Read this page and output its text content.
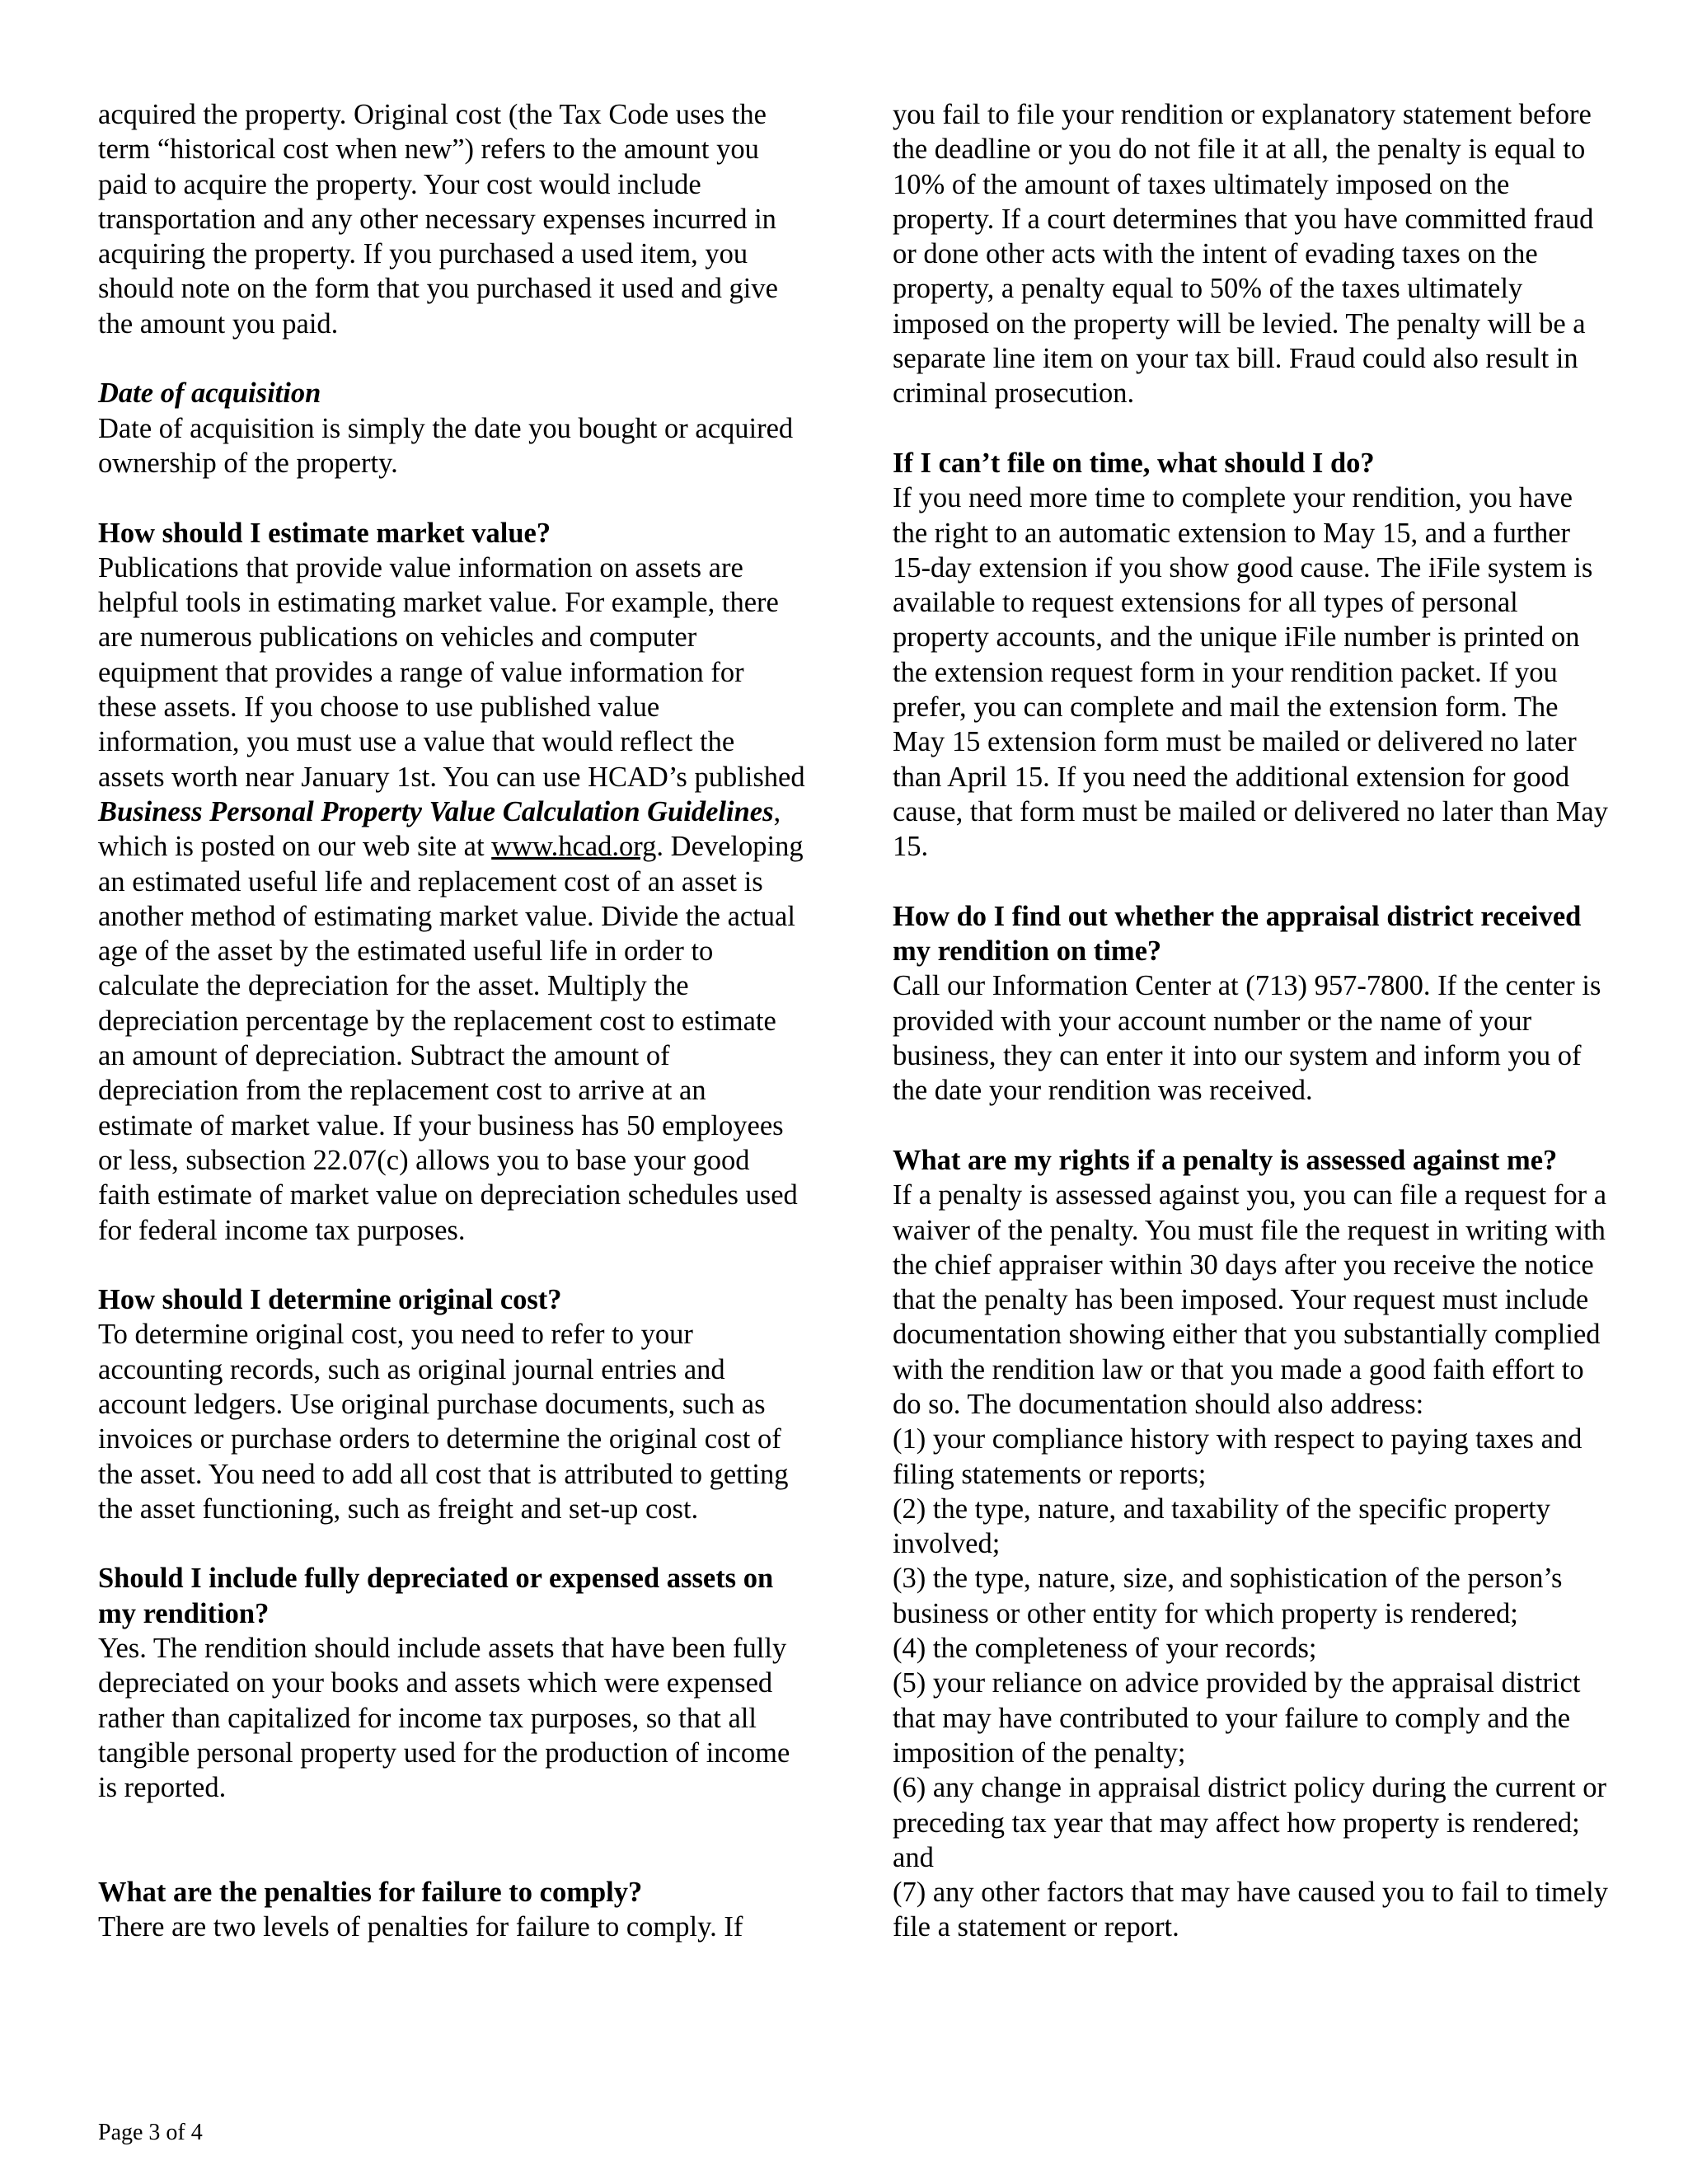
acquired the property. Original cost (the Tax Code uses the term “historical cost when new”) refers to the amount you paid to acquire the property. Your cost would include transportation and any other necessary expenses incurred in acquiring the property. If you purchased a used item, you should note on the form that you purchased it used and give the amount you paid.

Date of acquisition

Date of acquisition is simply the date you bought or acquired ownership of the property.

How should I estimate market value?

Publications that provide value information on assets are helpful tools in estimating market value. For example, there are numerous publications on vehicles and computer equipment that provides a range of value information for these assets. If you choose to use published value information, you must use a value that would reflect the assets worth near January 1st. You can use HCAD’s published Business Personal Property Value Calculation Guidelines, which is posted on our web site at www.hcad.org. Developing an estimated useful life and replacement cost of an asset is another method of estimating market value. Divide the actual age of the asset by the estimated useful life in order to calculate the depreciation for the asset. Multiply the depreciation percentage by the replacement cost to estimate an amount of depreciation. Subtract the amount of depreciation from the replacement cost to arrive at an estimate of market value. If your business has 50 employees or less, subsection 22.07(c) allows you to base your good faith estimate of market value on depreciation schedules used for federal income tax purposes.

How should I determine original cost?

To determine original cost, you need to refer to your accounting records, such as original journal entries and account ledgers. Use original purchase documents, such as invoices or purchase orders to determine the original cost of the asset. You need to add all cost that is attributed to getting the asset functioning, such as freight and set-up cost.

Should I include fully depreciated or expensed assets on my rendition?

Yes. The rendition should include assets that have been fully depreciated on your books and assets which were expensed rather than capitalized for income tax purposes, so that all tangible personal property used for the production of income is reported.

What are the penalties for failure to comply?

There are two levels of penalties for failure to comply. If

you fail to file your rendition or explanatory statement before the deadline or you do not file it at all, the penalty is equal to 10% of the amount of taxes ultimately imposed on the property. If a court determines that you have committed fraud or done other acts with the intent of evading taxes on the property, a penalty equal to 50% of the taxes ultimately imposed on the property will be levied. The penalty will be a separate line item on your tax bill. Fraud could also result in criminal prosecution.

If I can’t file on time, what should I do?

If you need more time to complete your rendition, you have the right to an automatic extension to May 15, and a further 15-day extension if you show good cause. The iFile system is available to request extensions for all types of personal property accounts, and the unique iFile number is printed on the extension request form in your rendition packet. If you prefer, you can complete and mail the extension form. The May 15 extension form must be mailed or delivered no later than April 15. If you need the additional extension for good cause, that form must be mailed or delivered no later than May 15.

How do I find out whether the appraisal district received my rendition on time?

Call our Information Center at (713) 957-7800. If the center is provided with your account number or the name of your business, they can enter it into our system and inform you of the date your rendition was received.

What are my rights if a penalty is assessed against me?

If a penalty is assessed against you, you can file a request for a waiver of the penalty. You must file the request in writing with the chief appraiser within 30 days after you receive the notice that the penalty has been imposed. Your request must include documentation showing either that you substantially complied with the rendition law or that you made a good faith effort to do so. The documentation should also address:

(1) your compliance history with respect to paying taxes and filing statements or reports;
(2) the type, nature, and taxability of the specific property involved;
(3) the type, nature, size, and sophistication of the person’s business or other entity for which property is rendered;
(4) the completeness of your records;
(5) your reliance on advice provided by the appraisal district that may have contributed to your failure to comply and the imposition of the penalty;
(6) any change in appraisal district policy during the current or preceding tax year that may affect how property is rendered; and
(7) any other factors that may have caused you to fail to timely file a statement or report.
Page 3 of 4
